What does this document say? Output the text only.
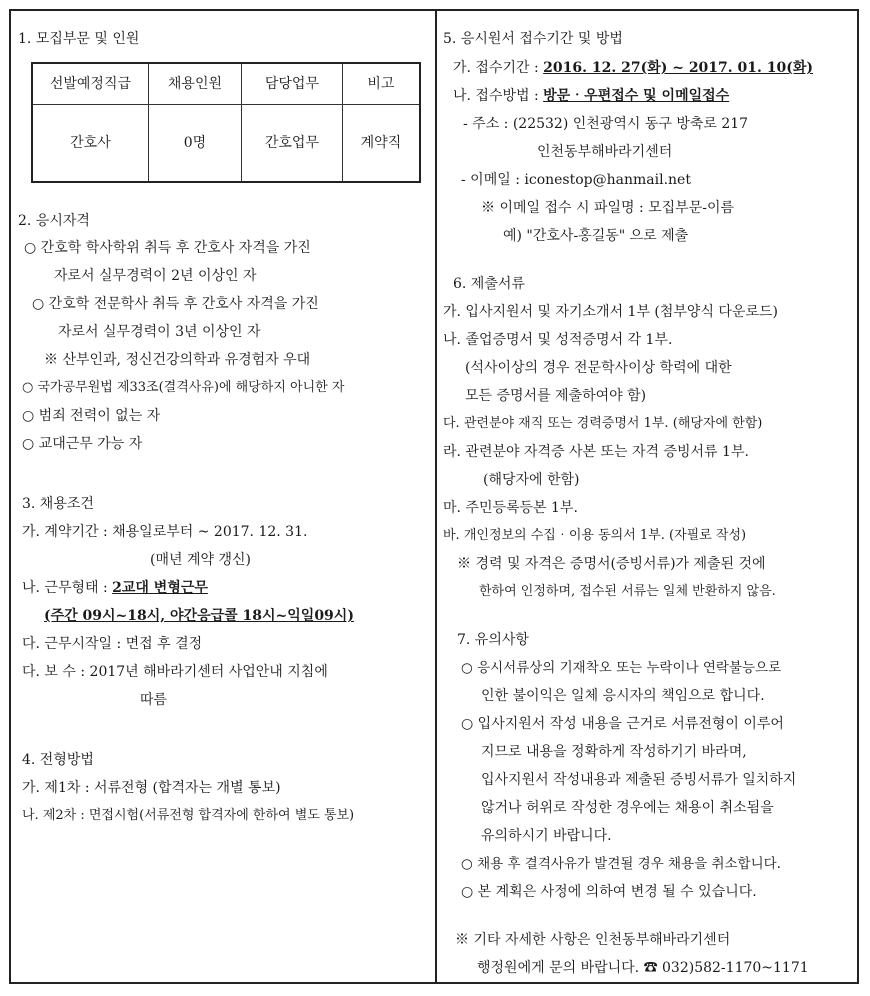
1. 모집부문 및 인원
선발예정직급	채용인원	담당업무	비고
간호사	0명	간호업무	계약직
2. 응시자격
○ 간호학 학사학위 취득 후 간호사 자격을 가진
자로서 실무경력이 2년 이상인 자
○ 간호학 전문학사 취득 후 간호사 자격을 가진
자로서 실무경력이 3년 이상인 자
※ 산부인과, 정신건강의학과 유경험자 우대
○ 국가공무원법 제33조(결격사유)에 해당하지 아니한 자
○ 범죄 전력이 없는 자
○ 교대근무 가능 자
3. 채용조건
가. 계약기간 : 채용일로부터 ~ 2017. 12. 31.
(매년 계약 갱신)
나. 근무형태 : 2교대 변형근무
(주간 09시~18시, 야간응급콜 18시~익일09시)
다. 근무시작일 : 면접 후 결정
다. 보 수 : 2017년 해바라기센터 사업안내 지침에
따름
4. 전형방법
가. 제1차 : 서류전형 (합격자는 개별 통보)
나. 제2차 : 면접시험(서류전형 합격자에 한하여 별도 통보)
5. 응시원서 접수기간 및 방법
가. 접수기간 : 2016. 12. 27(화) ~ 2017. 01. 10(화)
나. 접수방법 : 방문‧우편접수 및 이메일접수
- 주소 : (22532) 인천광역시 동구 방축로 217
인천동부해바라기센터
- 이메일 : iconestop@hanmail.net
※ 이메일 접수 시 파일명 : 모집부문-이름
예) "간호사-홍길동" 으로 제출
6. 제출서류
가. 입사지원서 및 자기소개서 1부 (첨부양식 다운로드)
나. 졸업증명서 및 성적증명서 각 1부.
(석사이상의 경우 전문학사이상 학력에 대한
모든 증명서를 제출하여야 함)
다. 관련분야 재직 또는 경력증명서 1부. (해당자에 한함)
라. 관련분야 자격증 사본 또는 자격 증빙서류 1부.
(해당자에 한함)
마. 주민등록등본 1부.
바. 개인정보의 수집‧이용 동의서 1부. (자필로 작성)
※ 경력 및 자격은 증명서(증빙서류)가 제출된 것에
한하여 인정하며, 접수된 서류는 일체 반환하지 않음.
7. 유의사항
○ 응시서류상의 기재착오 또는 누락이나 연락불능으로
인한 불이익은 일체 응시자의 책임으로 합니다.
○ 입사지원서 작성 내용을 근거로 서류전형이 이루어
지므로 내용을 정확하게 작성하기기 바라며,
입사지원서 작성내용과 제출된 증빙서류가 일치하지
않거나 허위로 작성한 경우에는 채용이 취소됨을
유의하시기 바랍니다.
○ 채용 후 결격사유가 발견될 경우 채용을 취소합니다.
○ 본 계획은 사정에 의하여 변경 될 수 있습니다.
※ 기타 자세한 사항은 인천동부해바라기센터
행정원에게 문의 바랍니다. ☎ 032)582-1170~1171
